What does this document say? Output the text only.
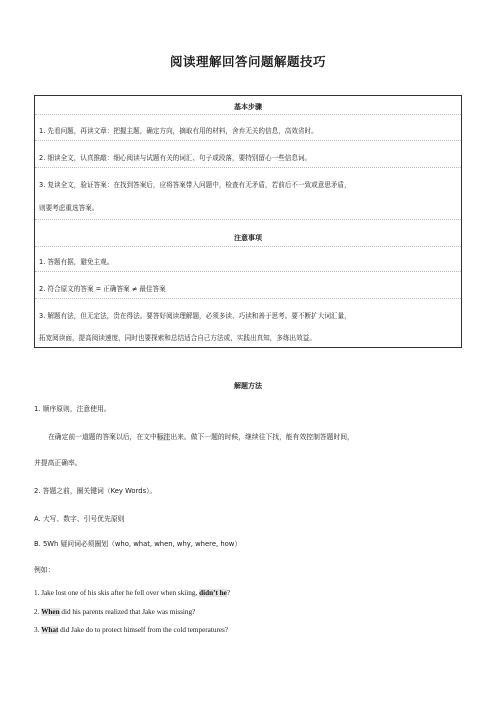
阅读理解回答问题解题技巧
基本步骤
1. 先看问题，再读文章：把握主题，确定方向，摘取有用的材料，舍弃无关的信息，高效省时。
2. 细读全文，认真推敲：细心阅读与试题有关的词汇、句子或段落，要特别留心一些信息词。
3. 复读全文，验证答案：在找到答案后，应将答案带入问题中，检查有无矛盾，若前后不一致或意思矛盾，
则要考虑重选答案。
注意事项
1. 答题有据，避免主观。
2. 符合原文的答案 = 正确答案 ≠ 最佳答案
3. 解题有法，但无定法，贵在得法。要答好阅读理解题，必须多读、巧读和善于思考。要不断扩大词汇量，
拓宽阅读面，提高阅读速度，同时也要探索和总结适合自己方法或，实践出真知，多练出效益。
解题方法
1. 顺序原则，注意使用。
在确定前一道题的答案以后，在文中标注出来。做下一题的时候，继续往下找，能有效控制答题时间，
并提高正确率。
2. 答题之前，圈关键词（Key Words）。
A. 大写、数字、引号优先原则
B. 5Wh 疑问词必须圈划（who, what, when, why, where, how）
例如：
1. Jake lost one of his skis after he fell over when skiing, didn’t he?
2. When did his parents realized that Jake was missing?
3. What did Jake do to protect himself from the cold temperatures?
